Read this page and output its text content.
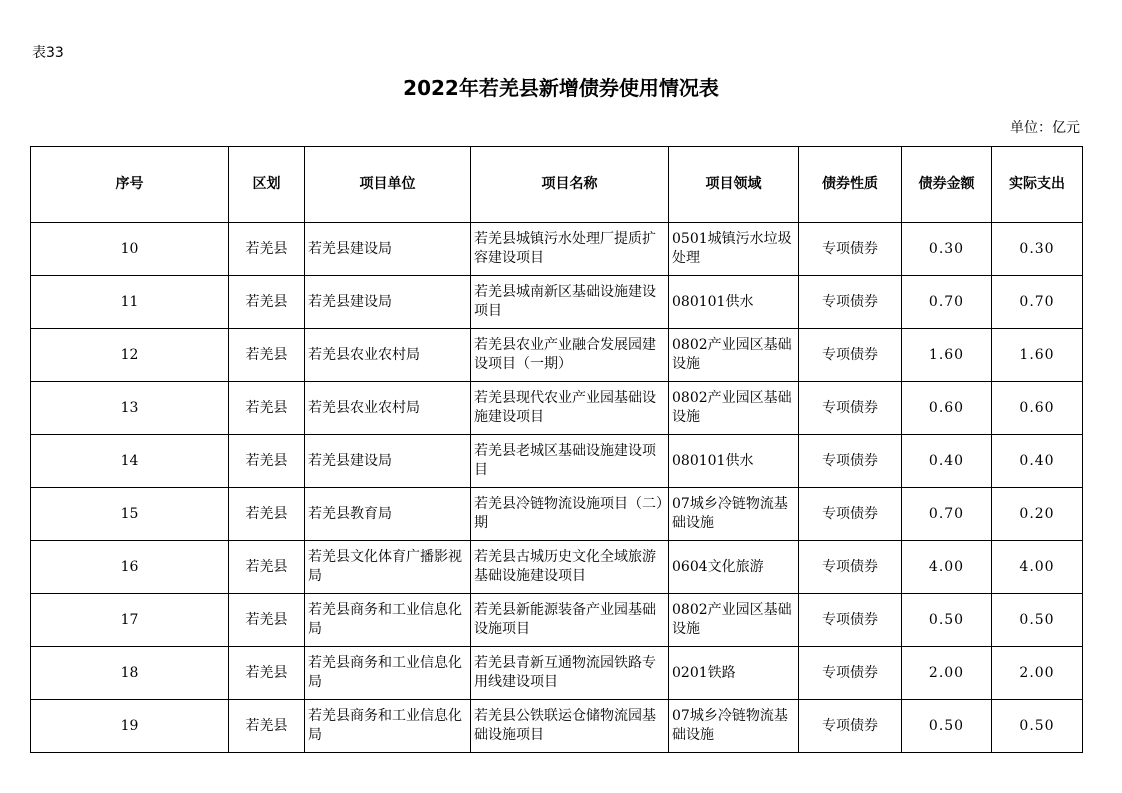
表33
2022年若羌县新增债券使用情况表
单位：亿元
序号	区划	项目单位	项目名称	项目领域	债券性质	债券金额	实际支出
10	若羌县	若羌县建设局	若羌县城镇污水处理厂提质扩容建设项目	0501城镇污水垃圾处理	专项债券	0.30	0.30
11	若羌县	若羌县建设局	若羌县城南新区基础设施建设项目	080101供水	专项债券	0.70	0.70
12	若羌县	若羌县农业农村局	若羌县农业产业融合发展园建设项目（一期）	0802产业园区基础设施	专项债券	1.60	1.60
13	若羌县	若羌县农业农村局	若羌县现代农业产业园基础设施建设项目	0802产业园区基础设施	专项债券	0.60	0.60
14	若羌县	若羌县建设局	若羌县老城区基础设施建设项目	080101供水	专项债券	0.40	0.40
15	若羌县	若羌县教育局	若羌县冷链物流设施项目（二）期	07城乡冷链物流基础设施	专项债券	0.70	0.20
16	若羌县	若羌县文化体育广播影视局	若羌县古城历史文化全域旅游基础设施建设项目	0604文化旅游	专项债券	4.00	4.00
17	若羌县	若羌县商务和工业信息化局	若羌县新能源装备产业园基础设施项目	0802产业园区基础设施	专项债券	0.50	0.50
18	若羌县	若羌县商务和工业信息化局	若羌县青新互通物流园铁路专用线建设项目	0201铁路	专项债券	2.00	2.00
19	若羌县	若羌县商务和工业信息化局	若羌县公铁联运仓储物流园基础设施项目	07城乡冷链物流基础设施	专项债券	0.50	0.50
